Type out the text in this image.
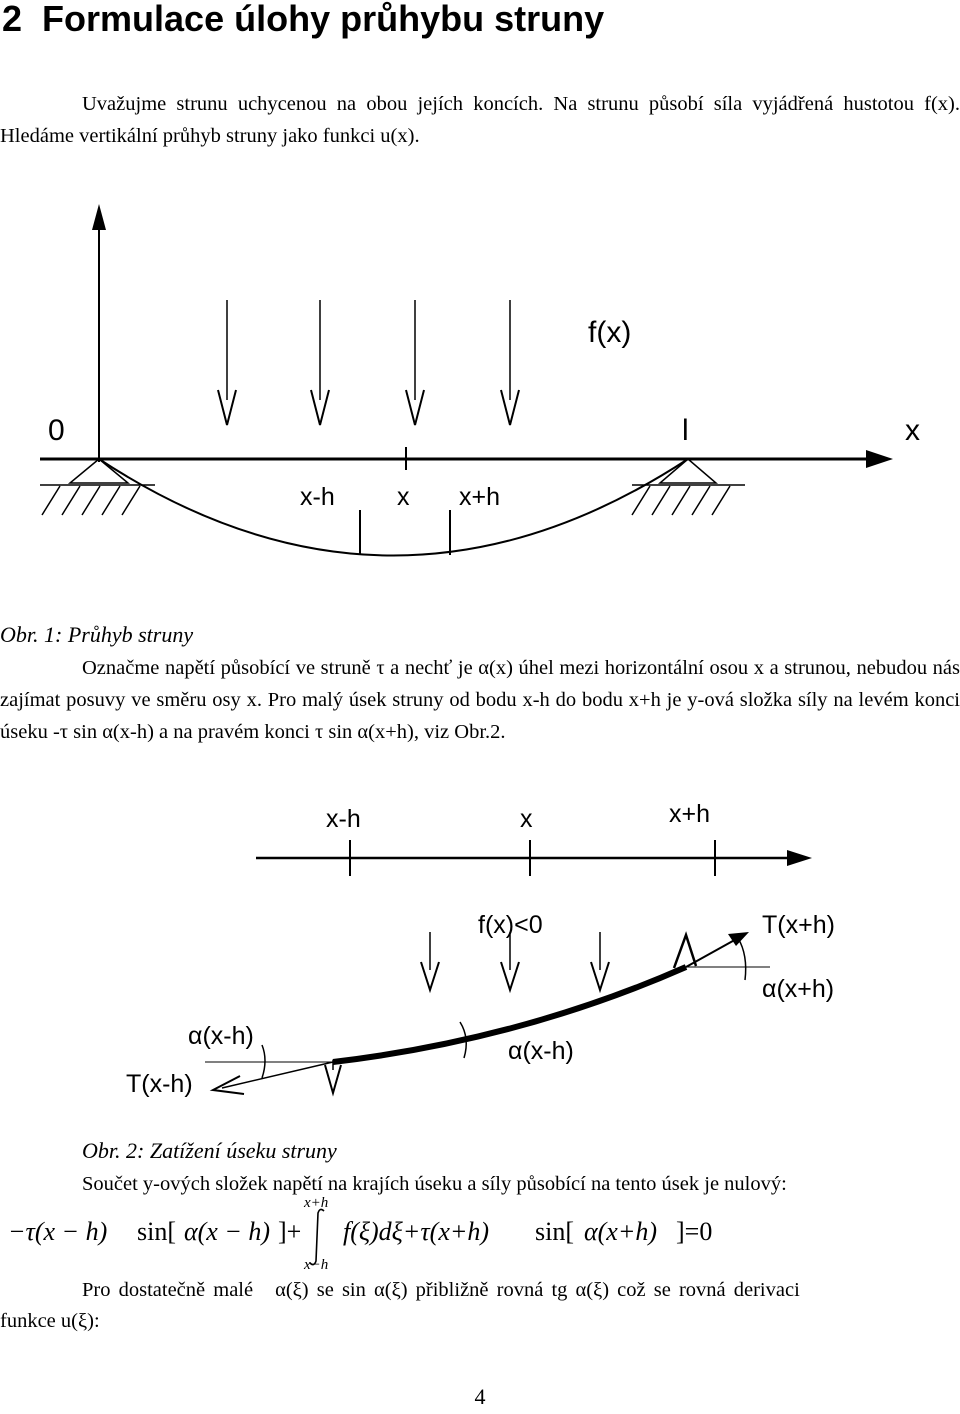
2 Formulace úlohy průhybu struny

Uvažujme strunu uchycenou na obou jejích koncích. Na strunu působí síla vyjádřená hustotou f(x). Hledáme vertikální průhyb struny jako funkci u(x).

0	l	x
f(x)
x-h x x+h

Obr. 1: Průhyb struny

Označme napětí působící ve struně τ a nechť je α(x) úhel mezi horizontální osou x a strunou, nebudou nás zajímat posuvy ve směru osy x. Pro malý úsek struny od bodu x-h do bodu x+h je y-ová složka síly na levém konci úseku -τ sin α(x-h) a na pravém konci τ sin α(x+h), viz Obr.2.

x-h	x	x+h
f(x)<0	T(x+h)
α(x+h)
α(x-h)
T(x-h)
α(x-h)

Obr. 2: Zatížení úseku struny

Součet y-ových složek napětí na krajích úseku a síly působící na tento úsek je nulový:

−τ(x − h) sin[ α(x − h) ]+
x+h
x−h
f(ξ)dξ+τ(x+h) sin[ α(x+h) ]=0

Pro dostatečně malé α(ξ) se sin α(ξ) přibližně rovná tg α(ξ) což se rovná derivaci

funkce u(ξ):

4
